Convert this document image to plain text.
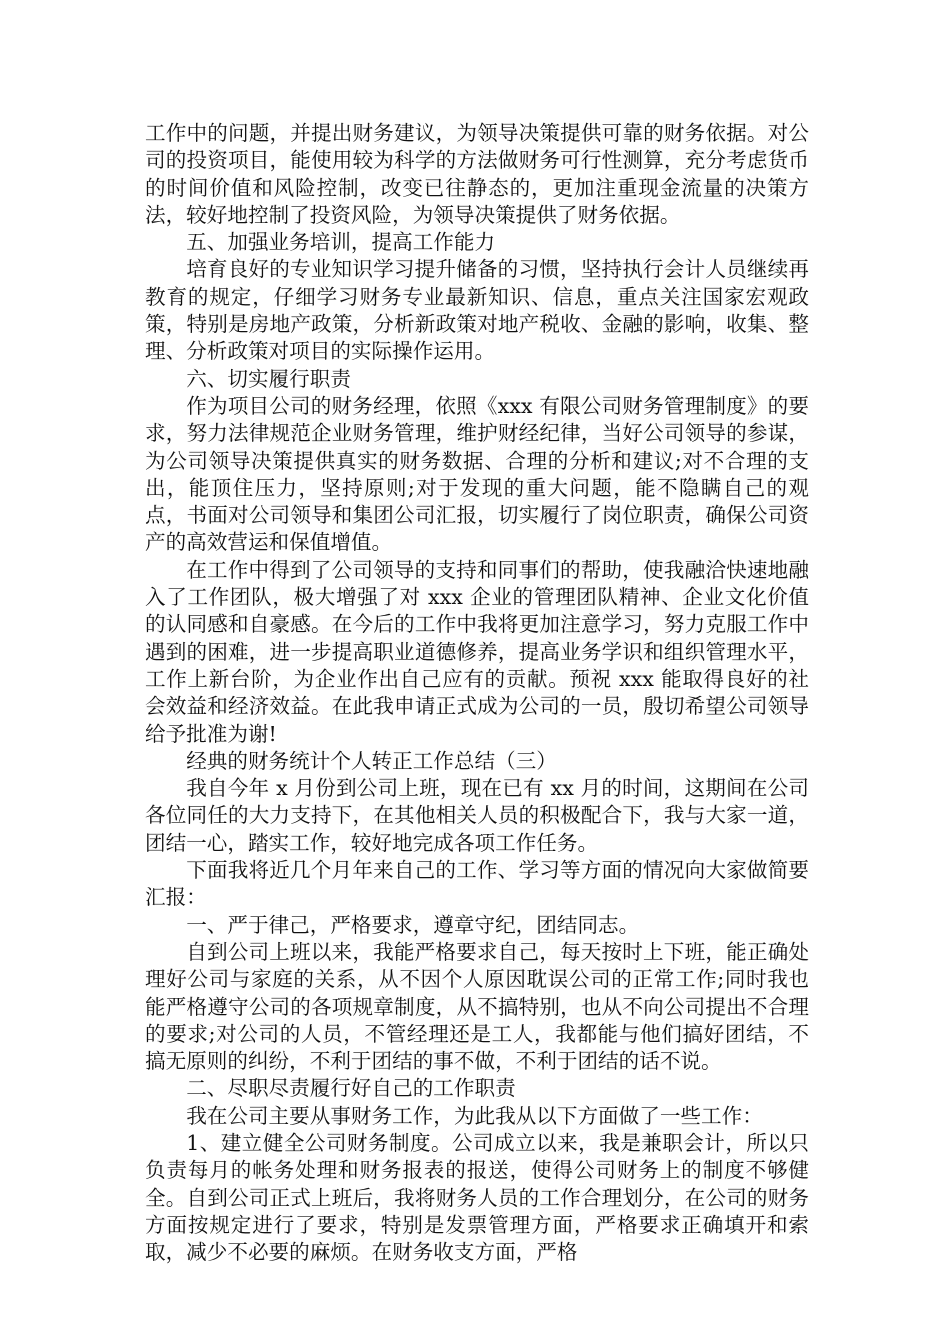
工作中的问题，并提出财务建议，为领导决策提供可靠的财务依据。对公司的投资项目，能使用较为科学的方法做财务可行性测算，充分考虑货币的时间价值和风险控制，改变已往静态的，更加注重现金流量的决策方法，较好地控制了投资风险，为领导决策提供了财务依据。

五、加强业务培训，提高工作能力

培育良好的专业知识学习提升储备的习惯，坚持执行会计人员继续再教育的规定，仔细学习财务专业最新知识、信息，重点关注国家宏观政策，特别是房地产政策，分析新政策对地产税收、金融的影响，收集、整理、分析政策对项目的实际操作运用。

六、切实履行职责

作为项目公司的财务经理，依照《xxx 有限公司财务管理制度》的要求，努力法律规范企业财务管理，维护财经纪律，当好公司领导的参谋，为公司领导决策提供真实的财务数据、合理的分析和建议;对不合理的支出，能顶住压力，坚持原则;对于发现的重大问题，能不隐瞒自己的观点，书面对公司领导和集团公司汇报，切实履行了岗位职责，确保公司资产的高效营运和保值增值。

在工作中得到了公司领导的支持和同事们的帮助，使我融洽快速地融入了工作团队，极大增强了对 xxx 企业的管理团队精神、企业文化价值的认同感和自豪感。在今后的工作中我将更加注意学习，努力克服工作中遇到的困难，进一步提高职业道德修养，提高业务学识和组织管理水平，工作上新台阶，为企业作出自己应有的贡献。预祝 xxx 能取得良好的社会效益和经济效益。在此我申请正式成为公司的一员，殷切希望公司领导给予批准为谢!

经典的财务统计个人转正工作总结（三）

我自今年 x 月份到公司上班，现在已有 xx 月的时间，这期间在公司各位同任的大力支持下，在其他相关人员的积极配合下，我与大家一道，团结一心，踏实工作，较好地完成各项工作任务。

下面我将近几个月年来自己的工作、学习等方面的情况向大家做简要汇报：

一、严于律己，严格要求，遵章守纪，团结同志。

自到公司上班以来，我能严格要求自己，每天按时上下班，能正确处理好公司与家庭的关系，从不因个人原因耽误公司的正常工作;同时我也能严格遵守公司的各项规章制度，从不搞特别，也从不向公司提出不合理的要求;对公司的人员，不管经理还是工人，我都能与他们搞好团结，不搞无原则的纠纷，不利于团结的事不做，不利于团结的话不说。

二、尽职尽责履行好自己的工作职责

我在公司主要从事财务工作，为此我从以下方面做了一些工作：

1、建立健全公司财务制度。公司成立以来，我是兼职会计，所以只负责每月的帐务处理和财务报表的报送，使得公司财务上的制度不够健全。自到公司正式上班后，我将财务人员的工作合理划分，在公司的财务方面按规定进行了要求，特别是发票管理方面，严格要求正确填开和索取，减少不必要的麻烦。在财务收支方面，严格
